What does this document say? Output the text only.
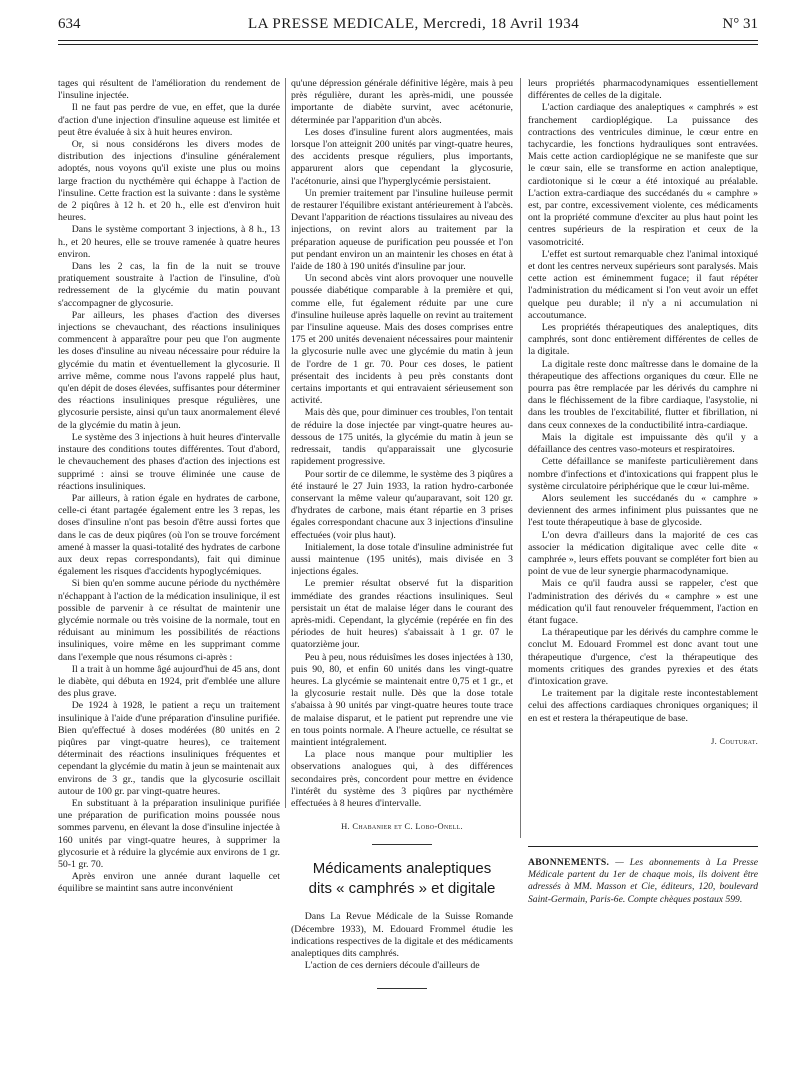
634	LA PRESSE MEDICALE, Mercredi, 18 Avril 1934	N° 31

tages qui résultent de l'amélioration du rendement de l'insuline injectée.

Il ne faut pas perdre de vue, en effet, que la durée d'action d'une injection d'insuline aqueuse est limitée et peut être évaluée à six à huit heures environ.

Or, si nous considérons les divers modes de distribution des injections d'insuline généralement adoptés, nous voyons qu'il existe une plus ou moins large fraction du nycthémère qui échappe à l'action de l'insuline. Cette fraction est la suivante : dans le système de 2 piqûres à 12 h. et 20 h., elle est d'environ huit heures.

Dans le système comportant 3 injections, à 8 h., 13 h., et 20 heures, elle se trouve ramenée à quatre heures environ.

Dans les 2 cas, la fin de la nuit se trouve pratiquement soustraite à l'action de l'insuline, d'où redressement de la glycémie du matin pouvant s'accompagner de glycosurie.

Par ailleurs, les phases d'action des diverses injections se chevauchant, des réactions insuliniques commencent à apparaître pour peu que l'on augmente les doses d'insuline au niveau nécessaire pour réduire la glycémie du matin et éventuellement la glycosurie. Il arrive même, comme nous l'avons rappelé plus haut, qu'en dépit de doses élevées, suffisantes pour déterminer des réactions insuliniques presque régulières, une glycosurie persiste, ainsi qu'un taux anormalement élevé de la glycémie du matin à jeun.

Le système des 3 injections à huit heures d'intervalle instaure des conditions toutes différentes. Tout d'abord, le chevauchement des phases d'action des injections est supprimé : ainsi se trouve éliminée une cause de réactions insuliniques.

Par ailleurs, à ration égale en hydrates de carbone, celle-ci étant partagée également entre les 3 repas, les doses d'insuline n'ont pas besoin d'être aussi fortes que dans le cas de deux piqûres (où l'on se trouve forcément amené à masser la quasi-totalité des hydrates de carbone aux deux repas correspondants), fait qui diminue également les risques d'accidents hypoglycémiques.

Si bien qu'en somme aucune période du nycthémère n'échappant à l'action de la médication insulinique, il est possible de parvenir à ce résultat de maintenir une glycémie normale ou très voisine de la normale, tout en réduisant au minimum les possibilités de réactions insuliniques, voire même en les supprimant comme dans l'exemple que nous résumons ci-après :

Il a trait à un homme âgé aujourd'hui de 45 ans, dont le diabète, qui débuta en 1924, prit d'emblée une allure des plus grave.

De 1924 à 1928, le patient a reçu un traitement insulinique à l'aide d'une préparation d'insuline purifiée. Bien qu'effectué à doses modérées (80 unités en 2 piqûres par vingt-quatre heures), ce traitement déterminait des réactions insuliniques fréquentes et cependant la glycémie du matin à jeun se maintenait aux environs de 3 gr., tandis que la glycosurie oscillait autour de 100 gr. par vingt-quatre heures.

En substituant à la préparation insulinique purifiée une préparation de purification moins poussée nous sommes parvenu, en élevant la dose d'insuline injectée à 160 unités par vingt-quatre heures, à supprimer la glycosurie et à réduire la glycémie aux environs de 1 gr. 50-1 gr. 70.

Après environ une année durant laquelle cet équilibre se maintint sans autre inconvénient

qu'une dépression générale définitive légère, mais à peu près régulière, durant les après-midi, une poussée importante de diabète survint, avec acétonurie, déterminée par l'apparition d'un abcès.

Les doses d'insuline furent alors augmentées, mais lorsque l'on atteignit 200 unités par vingt-quatre heures, des accidents presque réguliers, plus importants, apparurent alors que cependant la glycosurie, l'acétonurie, ainsi que l'hyperglycémie persistaient.

Un premier traitement par l'insuline huileuse permit de restaurer l'équilibre existant antérieurement à l'abcès. Devant l'apparition de réactions tissulaires au niveau des injections, on revint alors au traitement par la préparation aqueuse de purification peu poussée et l'on put pendant environ un an maintenir les choses en état à l'aide de 180 à 190 unités d'insuline par jour.

Un second abcès vint alors provoquer une nouvelle poussée diabétique comparable à la première et qui, comme elle, fut également réduite par une cure d'insuline huileuse après laquelle on revint au traitement par l'insuline aqueuse. Mais des doses comprises entre 175 et 200 unités devenaient nécessaires pour maintenir la glycosurie nulle avec une glycémie du matin à jeun de l'ordre de 1 gr. 70. Pour ces doses, le patient présentait des incidents à peu près constants dont certains importants et qui entravaient sérieusement son activité.

Mais dès que, pour diminuer ces troubles, l'on tentait de réduire la dose injectée par vingt-quatre heures au-dessous de 175 unités, la glycémie du matin à jeun se redressait, tandis qu'apparaissait une glycosurie rapidement progressive.

Pour sortir de ce dilemme, le système des 3 piqûres a été instauré le 27 Juin 1933, la ration hydro-carbonée conservant la même valeur qu'auparavant, soit 120 gr. d'hydrates de carbone, mais étant répartie en 3 prises égales correspondant chacune aux 3 injections d'insuline effectuées (voir plus haut).

Initialement, la dose totale d'insuline administrée fut aussi maintenue (195 unités), mais divisée en 3 injections égales.

Le premier résultat observé fut la disparition immédiate des grandes réactions insuliniques. Seul persistait un état de malaise léger dans le courant des après-midi. Cependant, la glycémie (repérée en fin des périodes de huit heures) s'abaissait à 1 gr. 07 le quatorzième jour.

Peu à peu, nous réduisîmes les doses injectées à 130, puis 90, 80, et enfin 60 unités dans les vingt-quatre heures. La glycémie se maintenait entre 0,75 et 1 gr., et la glycosurie restait nulle. Dès que la dose totale s'abaissa à 90 unités par vingt-quatre heures toute trace de malaise disparut, et le patient put reprendre une vie en tous points normale. A l'heure actuelle, ce résultat se maintient intégralement.

La place nous manque pour multiplier les observations analogues qui, à des différences secondaires près, concordent pour mettre en évidence l'intérêt du système des 3 piqûres par nycthémère effectuées à 8 heures d'intervalle.

H. Chabanier et C. Lobo-Onell.

Médicaments analeptiques
dits « camphrés » et digitale

Dans La Revue Médicale de la Suisse Romande (Décembre 1933), M. Edouard Frommel étudie les indications respectives de la digitale et des médicaments analeptiques dits camphrés.

L'action de ces derniers découle d'ailleurs de

leurs propriétés pharmacodynamiques essentiellement différentes de celles de la digitale.

L'action cardiaque des analeptiques « camphrés » est franchement cardioplégique. La puissance des contractions des ventricules diminue, le cœur entre en tachycardie, les fonctions hydrauliques sont entravées. Mais cette action cardioplégique ne se manifeste que sur le cœur sain, elle se transforme en action analeptique, cardiotonique si le cœur a été intoxiqué au préalable. L'action extra-cardiaque des succédanés du « camphre » est, par contre, excessivement violente, ces médicaments ont la propriété commune d'exciter au plus haut point les centres supérieurs de la respiration et ceux de la vasomotricité.

L'effet est surtout remarquable chez l'animal intoxiqué et dont les centres nerveux supérieurs sont paralysés. Mais cette action est éminemment fugace; il faut répéter l'administration du médicament si l'on veut avoir un effet quelque peu durable; il n'y a ni accumulation ni accoutumance.

Les propriétés thérapeutiques des analeptiques, dits camphrés, sont donc entièrement différentes de celles de la digitale.

La digitale reste donc maîtresse dans le domaine de la thérapeutique des affections organiques du cœur. Elle ne pourra pas être remplacée par les dérivés du camphre ni dans le fléchissement de la fibre cardiaque, l'asystolie, ni dans les troubles de l'excitabilité, flutter et fibrillation, ni dans ceux connexes de la conductibilité intra-cardiaque.

Mais la digitale est impuissante dès qu'il y a défaillance des centres vaso-moteurs et respiratoires.

Cette défaillance se manifeste particulièrement dans nombre d'infections et d'intoxications qui frappent plus le système circulatoire périphérique que le cœur lui-même.

Alors seulement les succédanés du « camphre » deviennent des armes infiniment plus puissantes que ne l'est toute thérapeutique à base de glycoside.

L'on devra d'ailleurs dans la majorité de ces cas associer la médication digitalique avec celle dite « camphrée », leurs effets pouvant se compléter fort bien au point de vue de leur synergie pharmacodynamique.

Mais ce qu'il faudra aussi se rappeler, c'est que l'administration des dérivés du « camphre » est une médication qu'il faut renouveler fréquemment, l'action en étant fugace.

La thérapeutique par les dérivés du camphre comme le conclut M. Edouard Frommel est donc avant tout une thérapeutique d'urgence, c'est la thérapeutique des moments critiques des grandes pyrexies et des états d'intoxication grave.

Le traitement par la digitale reste incontestablement celui des affections cardiaques chroniques organiques; il en est et restera la thérapeutique de base.

J. Couturat.

ABONNEMENTS. — Les abonnements à La Presse Médicale partent du 1er de chaque mois, ils doivent être adressés à MM. Masson et Cie, éditeurs, 120, boulevard Saint-Germain, Paris-6e. Compte chèques postaux 599.
